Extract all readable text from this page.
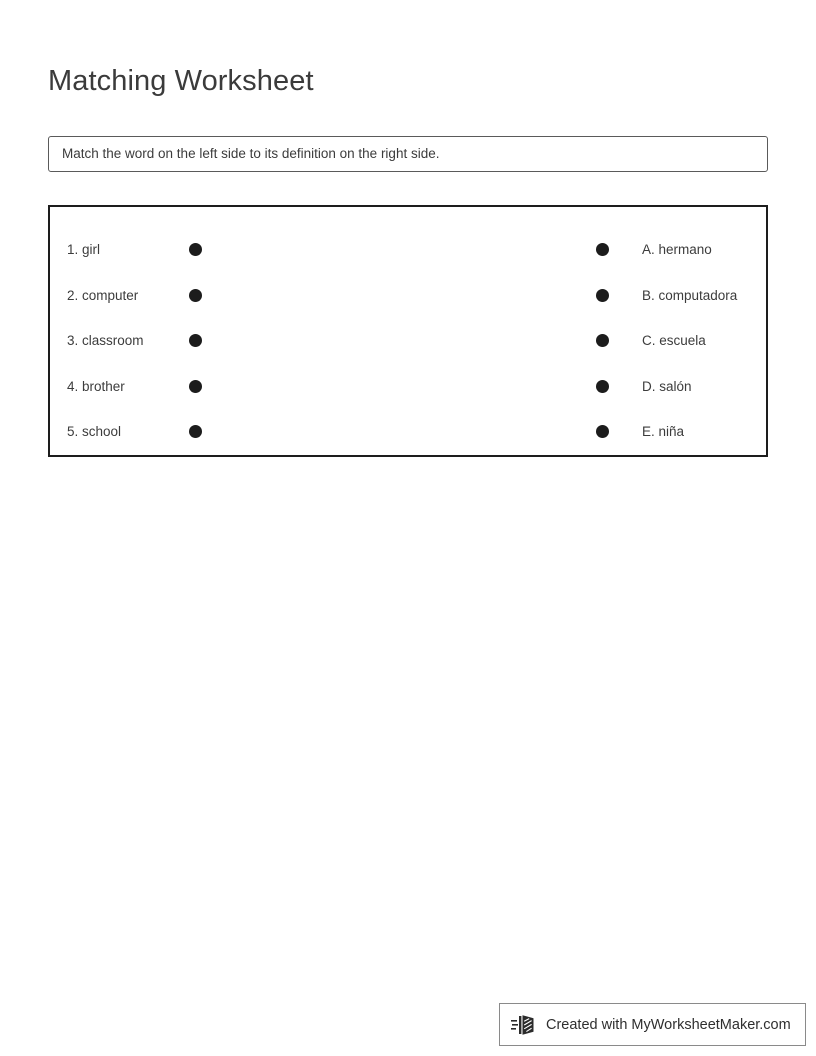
Matching Worksheet
Match the word on the left side to its definition on the right side.
1. girl
2. computer
3. classroom
4. brother
5. school
A. hermano
B. computadora
C. escuela
D. salón
E. niña
Created with MyWorksheetMaker.com
